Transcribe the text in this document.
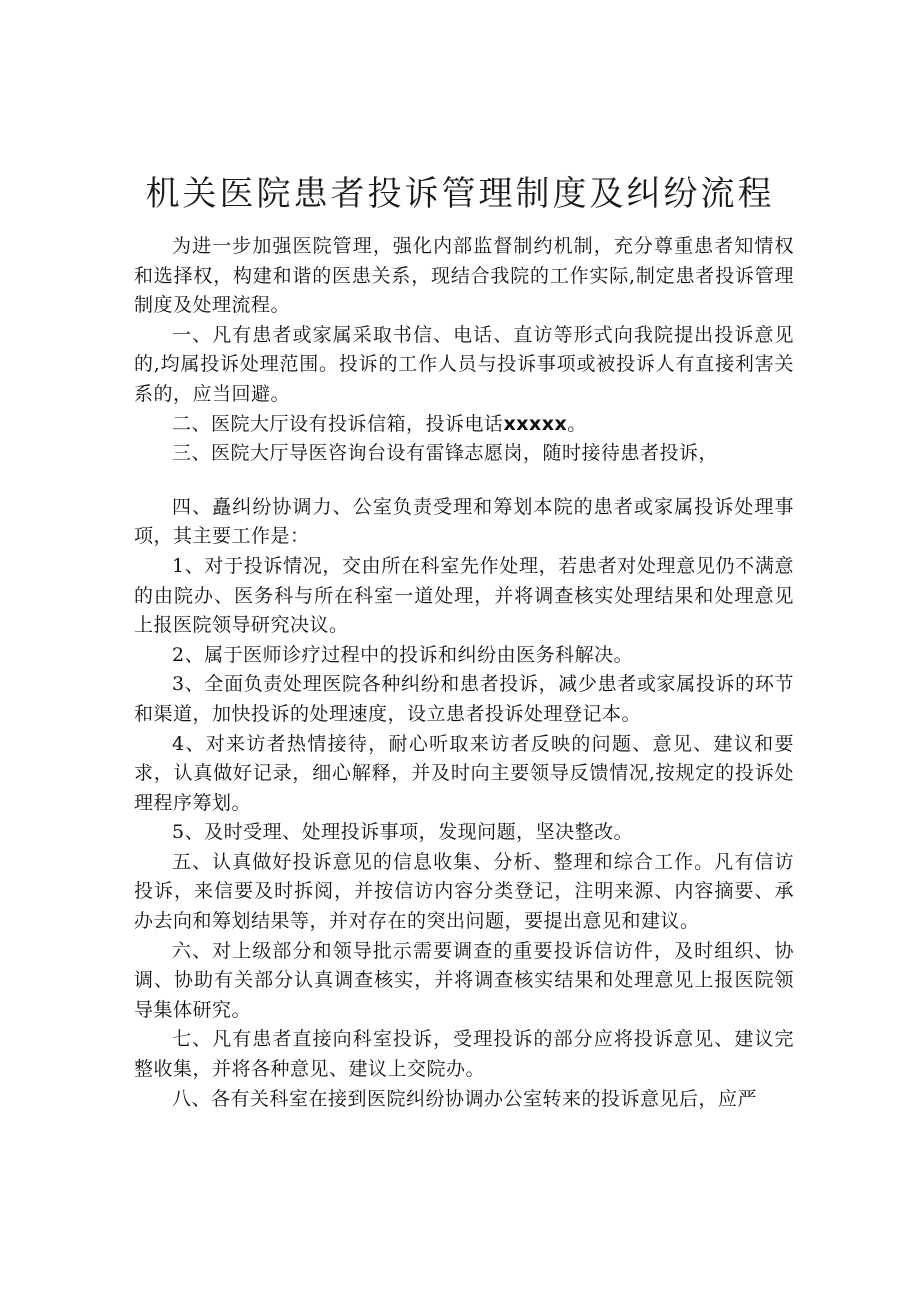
机关医院患者投诉管理制度及纠纷流程

为进一步加强医院管理，强化内部监督制约机制，充分尊重患者知情权和选择权，构建和谐的医患关系，现结合我院的工作实际,制定患者投诉管理制度及处理流程。

一、凡有患者或家属采取书信、电话、直访等形式向我院提出投诉意见的,均属投诉处理范围。投诉的工作人员与投诉事项或被投诉人有直接利害关系的，应当回避。

二、医院大厅设有投诉信箱，投诉电话xxxxx。

三、医院大厅导医咨询台设有雷锋志愿岗，随时接待患者投诉，

四、矗纠纷协调力、公室负责受理和筹划本院的患者或家属投诉处理事项，其主要工作是：

1、对于投诉情况，交由所在科室先作处理，若患者对处理意见仍不满意的由院办、医务科与所在科室一道处理，并将调查核实处理结果和处理意见上报医院领导研究决议。

2、属于医师诊疗过程中的投诉和纠纷由医务科解决。

3、全面负责处理医院各种纠纷和患者投诉，减少患者或家属投诉的环节和渠道，加快投诉的处理速度，设立患者投诉处理登记本。

4、对来访者热情接待，耐心听取来访者反映的问题、意见、建议和要求，认真做好记录，细心解释，并及时向主要领导反馈情况,按规定的投诉处理程序筹划。

5、及时受理、处理投诉事项，发现问题，坚决整改。

五、认真做好投诉意见的信息收集、分析、整理和综合工作。凡有信访投诉，来信要及时拆阅，并按信访内容分类登记，注明来源、内容摘要、承办去向和筹划结果等，并对存在的突出问题，要提出意见和建议。

六、对上级部分和领导批示需要调查的重要投诉信访件，及时组织、协调、协助有关部分认真调查核实，并将调查核实结果和处理意见上报医院领导集体研究。

七、凡有患者直接向科室投诉，受理投诉的部分应将投诉意见、建议完整收集，并将各种意见、建议上交院办。

八、各有关科室在接到医院纠纷协调办公室转来的投诉意见后，应严
